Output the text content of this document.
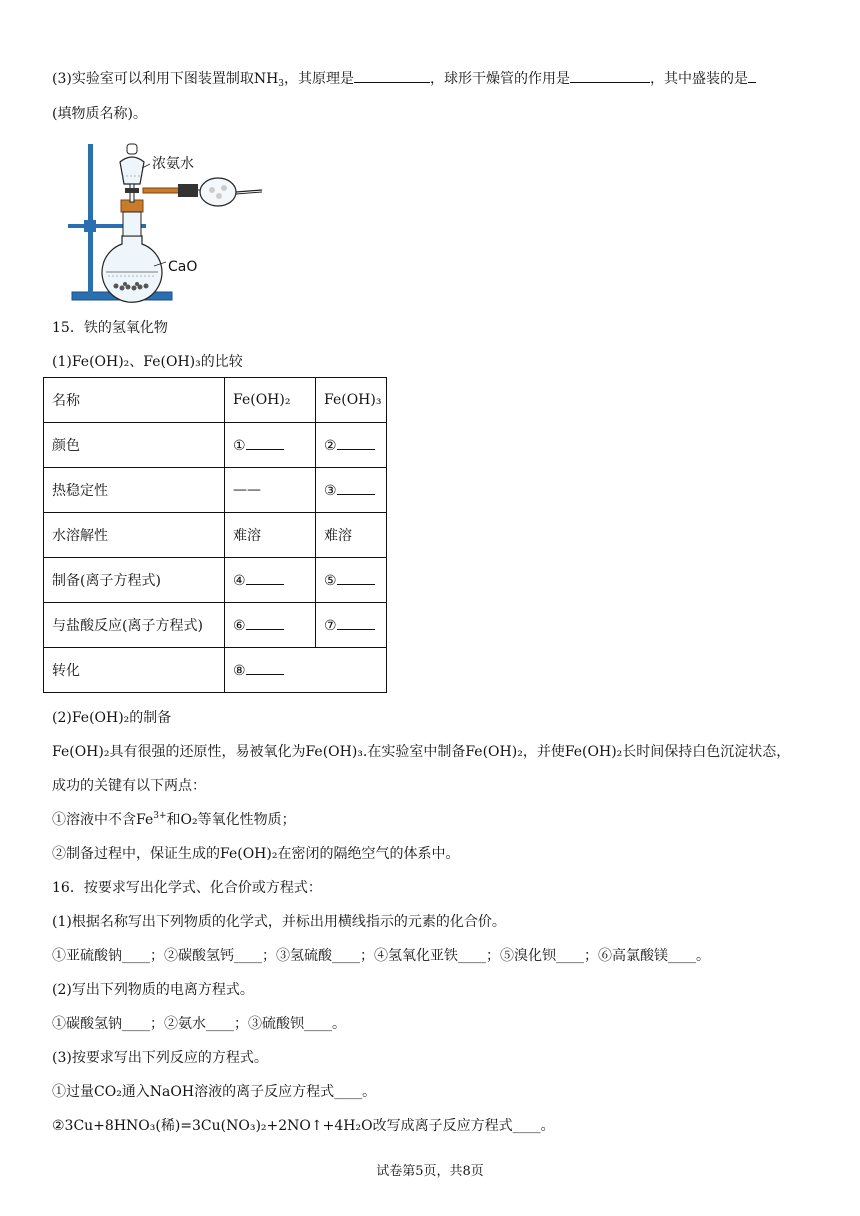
(3)实验室可以利用下图装置制取$NH_3$，其原理是	，球形干燥管的作用是	，其中盛装的是
(填物质名称)。
浓氨水
CaO
15．铁的氢氧化物
(1)Fe(OH)₂、Fe(OH)₃的比较
名称	Fe(OH)₂	Fe(OH)₃
颜色	①	②
热稳定性	——	③
水溶解性	难溶	难溶
制备(离子方程式)	④	⑤
与盐酸反应(离子方程式)	⑥	⑦
转化	⑧	
(2)Fe(OH)₂的制备
Fe(OH)₂具有很强的还原性，易被氧化为Fe(OH)₃.在实验室中制备Fe(OH)₂，并使Fe(OH)₂长时间保持白色沉淀状态，
成功的关键有以下两点：
①溶液中不含$Fe^{3+}$和O₂等氧化性物质；
②制备过程中，保证生成的Fe(OH)₂在密闭的隔绝空气的体系中。
16．按要求写出化学式、化合价或方程式：
(1)根据名称写出下列物质的化学式，并标出用横线指示的元素的化合价。
①亚硫酸钠____；②碳酸氢钙____；③氢硫酸____；④氢氧化亚铁____；⑤溴化钡____；⑥高氯酸镁____。
(2)写出下列物质的电离方程式。
①碳酸氢钠____；②氨水____；③硫酸钡____。
(3)按要求写出下列反应的方程式。
①过量CO₂通入NaOH溶液的离子反应方程式____。
②3Cu+8HNO₃(稀)=3Cu(NO₃)₂+2NO↑+4H₂O改写成离子反应方程式____。
试卷第5页，共8页
